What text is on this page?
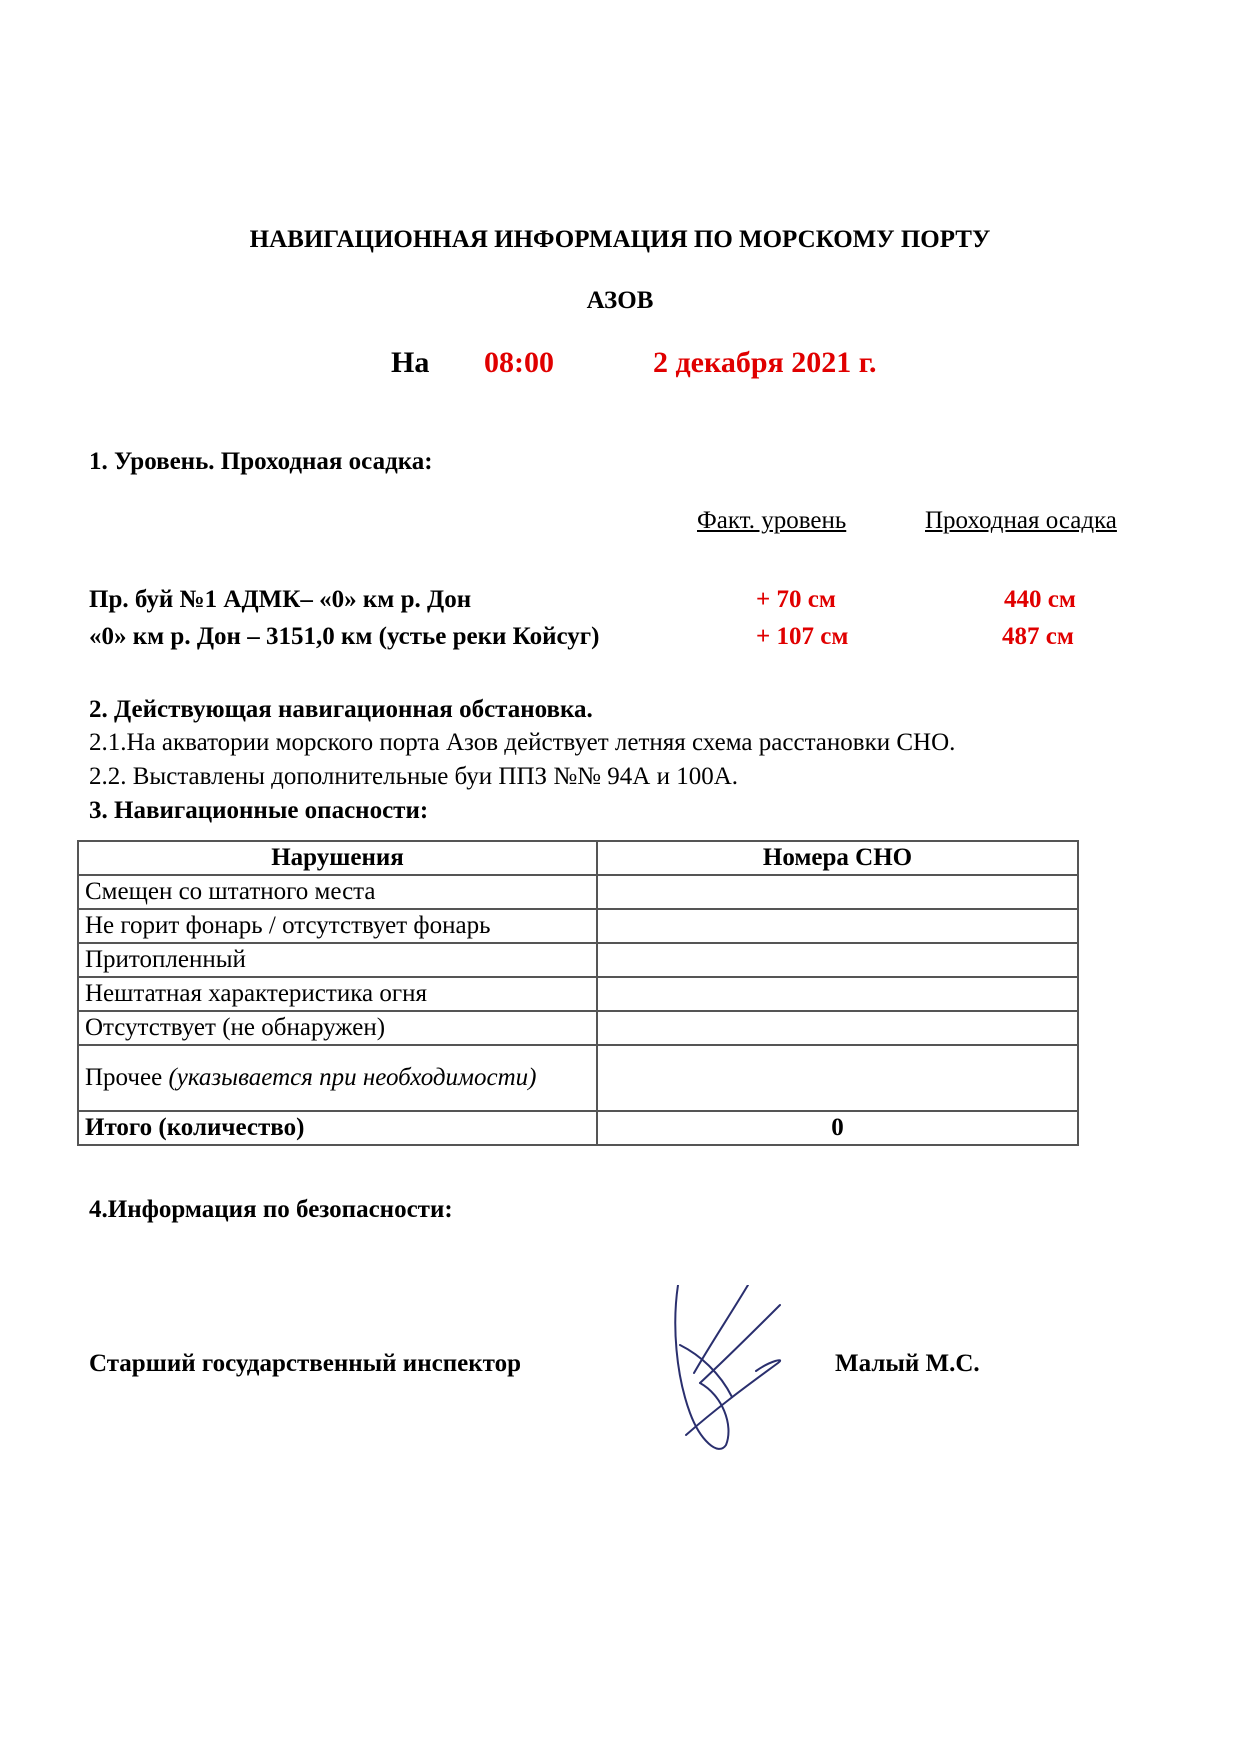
НАВИГАЦИОННАЯ ИНФОРМАЦИЯ ПО МОРСКОМУ ПОРТУ
АЗОВ
На 08:00	2 декабря 2021 г.
1. Уровень. Проходная осадка:
Факт. уровень	Проходная осадка
Пр. буй №1 АДМК– «0» км р. Дон	+ 70 см	440 см
«0» км р. Дон – 3151,0 км (устье реки Койсуг)	+ 107 см	487 см
2. Действующая навигационная обстановка.
2.1.На акватории морского порта Азов действует летняя схема расстановки СНО.
2.2. Выставлены дополнительные буи ППЗ №№ 94А и 100А.
3. Навигационные опасности:
Нарушения	Номера СНО
Смещен со штатного места	
Не горит фонарь / отсутствует фонарь	
Притопленный	
Нештатная характеристика огня	
Отсутствует (не обнаружен)	
Прочее (указывается при необходимости)	
Итого (количество)	0
4.Информация по безопасности:
Старший государственный инспектор	Малый М.С.
